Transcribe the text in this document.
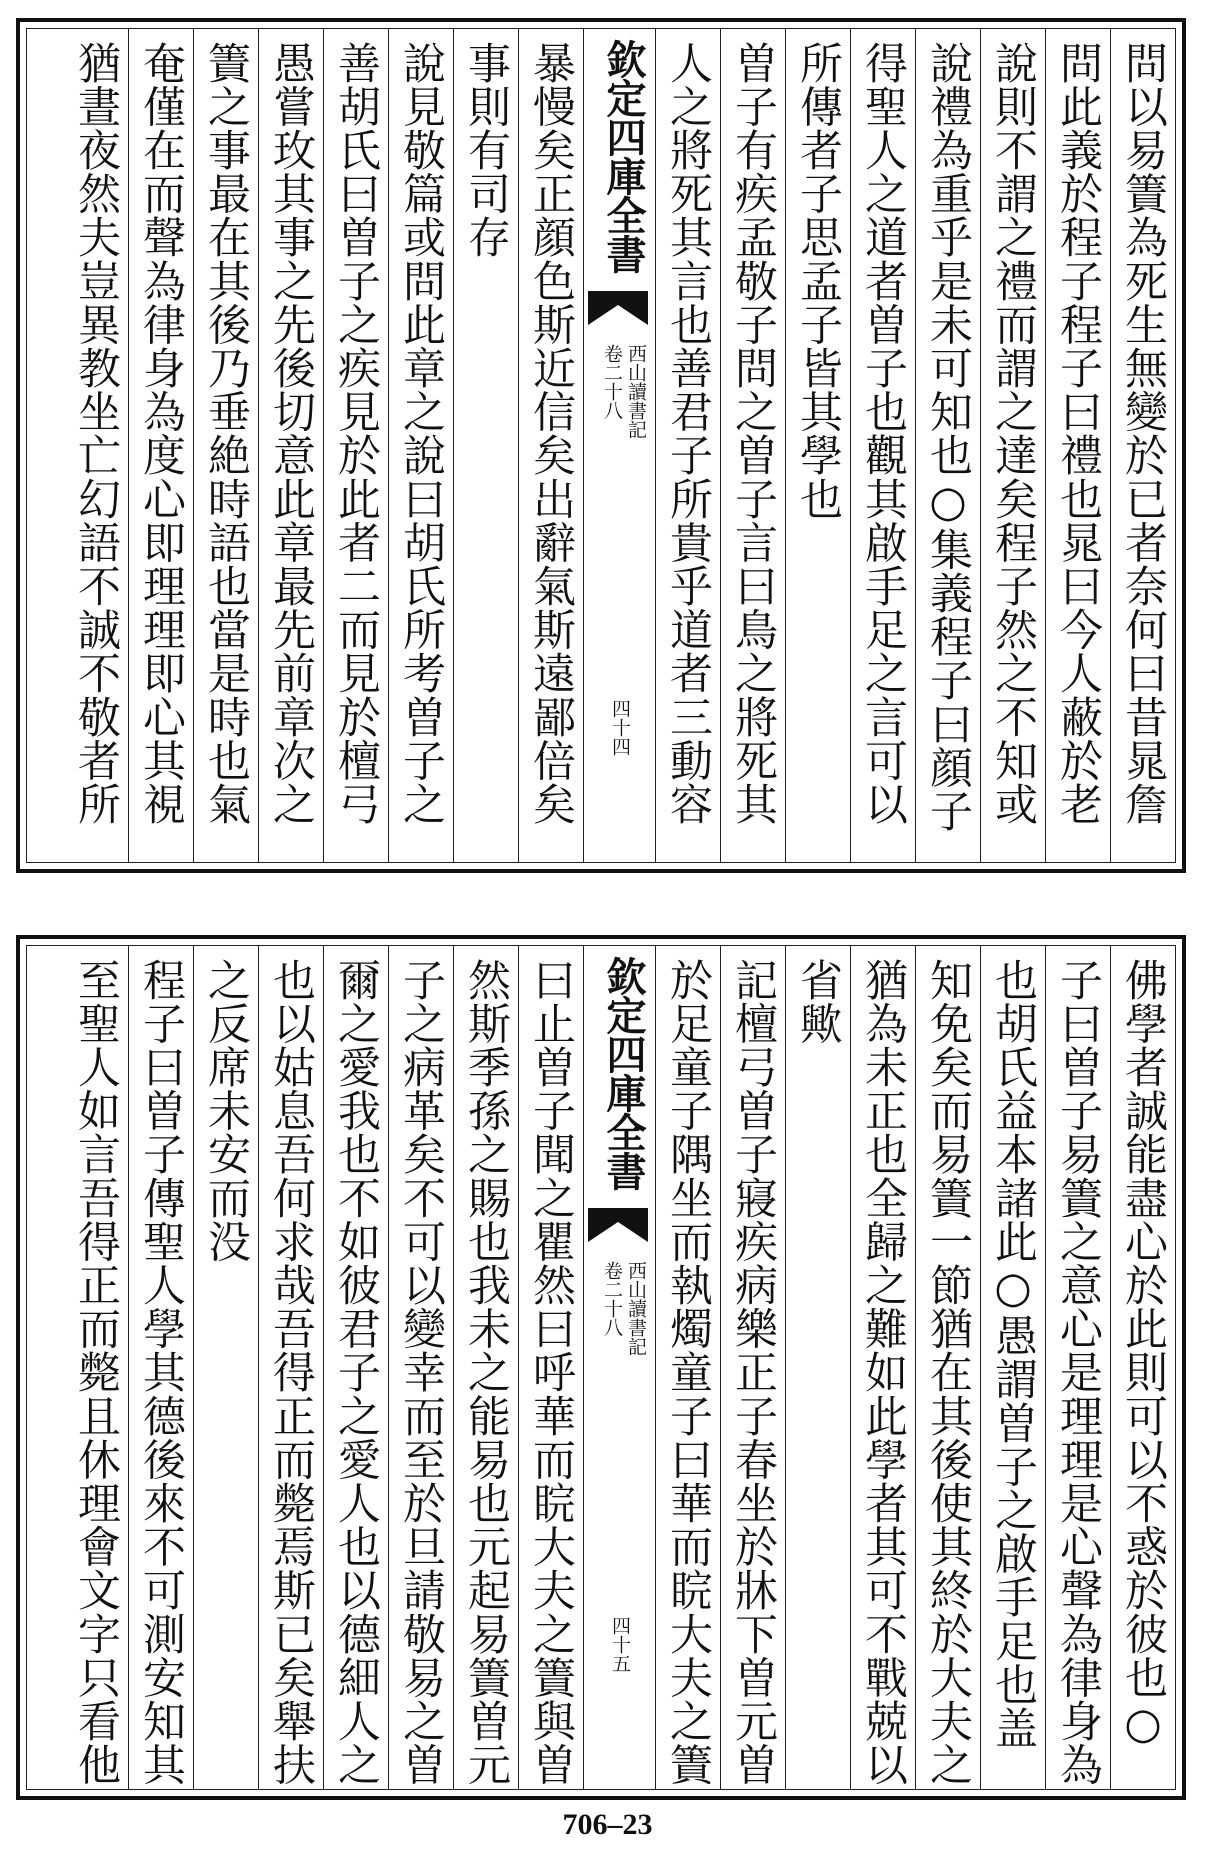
問以易簀為死生無變於已者奈何曰昔晁詹
問此義於程子程子曰禮也晁曰今人蔽於老
說則不謂之禮而謂之達矣程子然之不知或
說禮為重乎是未可知也○集義程子曰顔子
得聖人之道者曽子也觀其啟手足之言可以
所傳者子思孟子皆其學也
曽子有疾孟敬子問之曽子言曰鳥之將死其
人之將死其言也善君子所貴乎道者三動容
欽定四庫全書
西山讀書記
卷二十八
四十四
暴慢矣正顔色斯近信矣出辭氣斯遠鄙倍矣
事則有司存
說見敬篇或問此章之說曰胡氏所考曽子之
善胡氏曰曽子之疾見於此者二而見於檀弓
愚嘗玫其事之先後切意此章最先前章次之
簀之事最在其後乃垂絶時語也當是時也氣
奄僅在而聲為律身為度心即理理即心其視
猶晝夜然夫豈異教坐亡幻語不誠不敬者所
佛學者誠能盡心於此則可以不惑於彼也○
子曰曽子易簀之意心是理理是心聲為律身為
也胡氏益本諸此○愚謂曽子之啟手足也盖
知免矣而易簀一節猶在其後使其終於大夫之
猶為未正也全歸之難如此學者其可不戰兢以
省歟
記檀弓曽子寢疾病樂正子春坐於牀下曽元曽
於足童子隅坐而執燭童子曰華而睆大夫之簀
欽定四庫全書
西山讀書記
卷二十八
四十五
曰止曽子聞之瞿然曰呼華而睆大夫之簀與曽
然斯季孫之賜也我未之能易也元起易簀曽元
子之病革矣不可以變幸而至於旦請敬易之曽
爾之愛我也不如彼君子之愛人也以德細人之
也以姑息吾何求哉吾得正而斃焉斯已矣舉扶
之反席未安而没
程子曰曽子傳聖人學其德後來不可測安知其
至聖人如言吾得正而斃且休理會文字只看他
706–23
